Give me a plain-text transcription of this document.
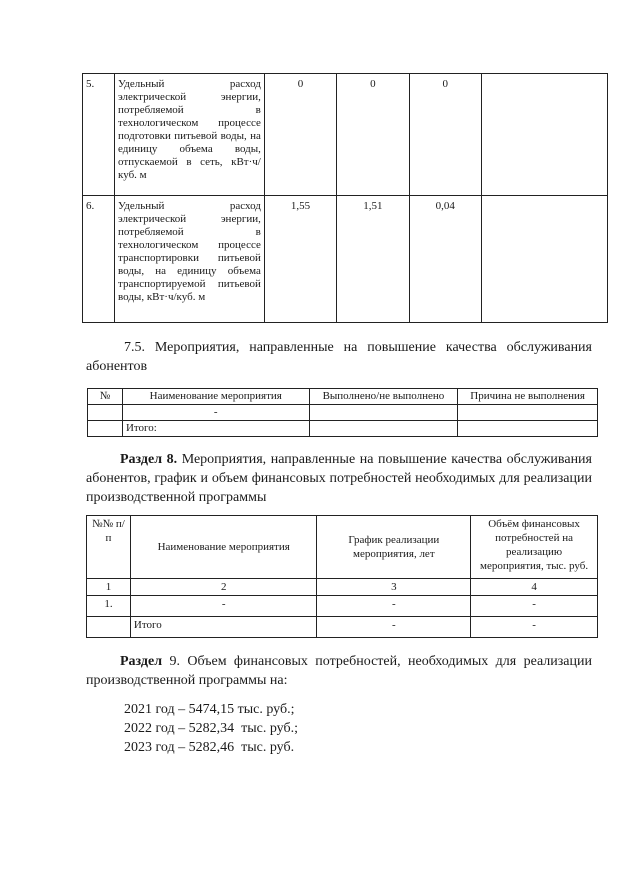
5.	Удельный расход электрической энергии, потребляемой в технологическом процессе подготовки питьевой воды, на единицу объема воды, отпускаемой в сеть, кВт·ч/куб. м	0	0	0	
6.	Удельный расход электрической энергии, потребляемой в технологическом процессе транспортировки питьевой воды, на единицу объема транспортируемой питьевой воды, кВт·ч/куб. м	1,55	1,51	0,04	
7.5. Мероприятия, направленные на повышение качества обслуживания абонентов
№	Наименование мероприятия	Выполнено/не выполнено	Причина не выполнения
	-		
	Итого:		
Раздел 8. Мероприятия, направленные на повышение качества обслуживания абонентов, график и объем финансовых потребностей необходимых для реализации производственной программы
№№ п/п	Наименование мероприятия	График реализации мероприятия, лет	Объём финансовых потребностей на реализацию мероприятия, тыс. руб.
1	2	3	4
1.	-	-	-
	Итого	-	-
Раздел 9. Объем финансовых потребностей, необходимых для реализации производственной программы на:
2021 год – 5474,15 тыс. руб.;
2022 год – 5282,34  тыс. руб.;
2023 год – 5282,46  тыс. руб.
